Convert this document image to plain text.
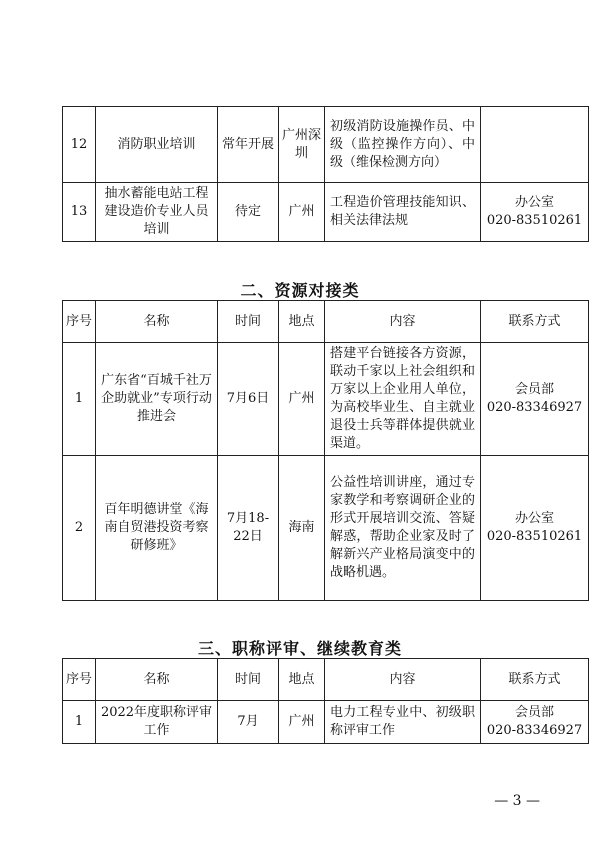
12	消防职业培训	常年开展	广州深圳	初级消防设施操作员、中级（监控操作方向）、中级（维保检测方向）	
13	抽水蓄能电站工程建设造价专业人员培训	待定	广州	工程造价管理技能知识、相关法律法规	办公室
020-83510261
二、资源对接类
序号	名称	时间	地点	内容	联系方式
1	广东省“百城千社万企助就业”专项行动推进会	7月6日	广州	搭建平台链接各方资源，联动千家以上社会组织和万家以上企业用人单位，为高校毕业生、自主就业退役士兵等群体提供就业渠道。	会员部
020-83346927

2	百年明德讲堂《海南自贸港投资考察研修班》	7月18-22日	海南	公益性培训讲座，通过专家教学和考察调研企业的形式开展培训交流、答疑解惑，帮助企业家及时了解新兴产业格局演变中的战略机遇。	办公室
020-83510261
三、职称评审、继续教育类
序号	名称	时间	地点	内容	联系方式
1	2022年度职称评审工作	7月	广州	电力工程专业中、初级职称评审工作	会员部
020-83346927
— 3 —
